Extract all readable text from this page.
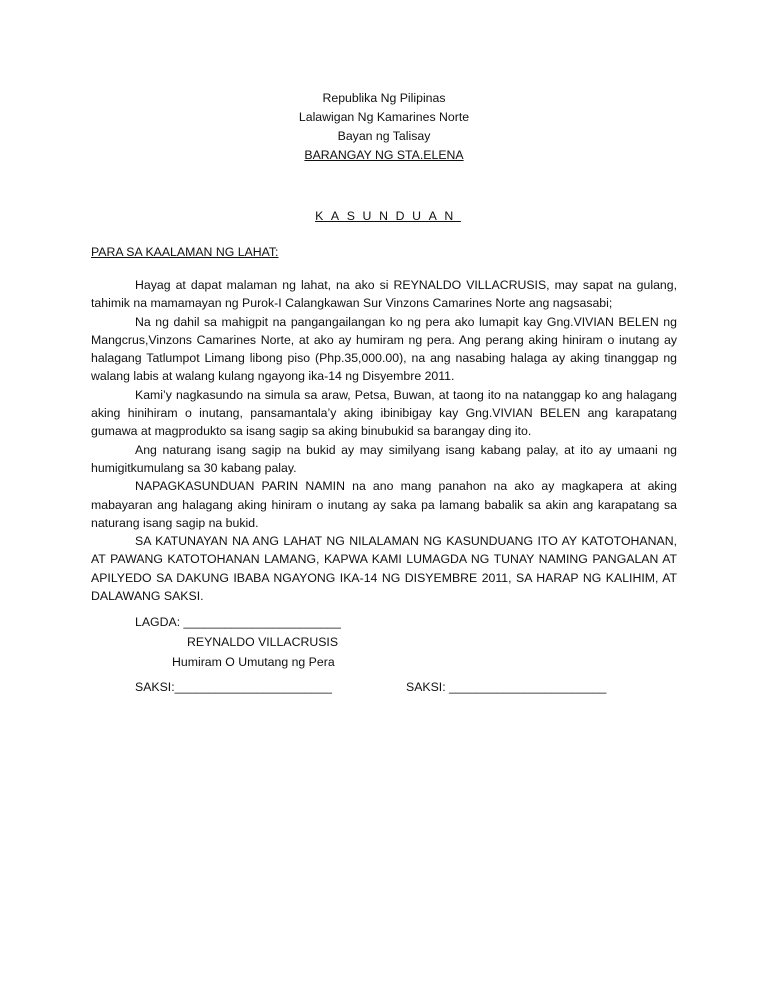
Republika Ng Pilipinas
Lalawigan Ng Kamarines Norte
Bayan ng Talisay
BARANGAY NG STA.ELENA
KASUNDUAN
PARA SA KAALAMAN NG LAHAT:

Hayag at dapat malaman ng lahat, na ako si REYNALDO VILLACRUSIS, may sapat na gulang, tahimik na mamamayan ng Purok-I Calangkawan Sur Vinzons Camarines Norte ang nagsasabi;

Na ng dahil sa mahigpit na pangangailangan ko ng pera ako lumapit kay Gng.VIVIAN BELEN ng Mangcrus,Vinzons Camarines Norte, at ako ay humiram ng pera. Ang perang aking hiniram o inutang ay halagang Tatlumpot Limang libong piso (Php.35,000.00), na ang nasabing halaga ay aking tinanggap ng walang labis at walang kulang ngayong ika-14 ng Disyembre 2011.

Kami’y nagkasundo na simula sa araw, Petsa, Buwan, at taong ito na natanggap ko ang halagang aking hinihiram o inutang, pansamantala’y aking ibinibigay kay Gng.VIVIAN BELEN ang karapatang gumawa at magprodukto sa isang sagip sa aking binubukid sa barangay ding ito.

Ang naturang isang sagip na bukid ay may similyang isang kabang palay, at ito ay umaani ng humigitkumulang sa 30 kabang palay.

NAPAGKASUNDUAN PARIN NAMIN na ano mang panahon na ako ay magkapera at aking mabayaran ang halagang aking hiniram o inutang ay saka pa lamang babalik sa akin ang karapatang sa naturang isang sagip na bukid.

SA KATUNAYAN NA ANG LAHAT NG NILALAMAN NG KASUNDUANG ITO AY KATOTOHANAN, AT PAWANG KATOTOHANAN LAMANG, KAPWA KAMI LUMAGDA NG TUNAY NAMING PANGALAN AT APILYEDO SA DAKUNG IBABA NGAYONG IKA-14 NG DISYEMBRE 2011, SA HARAP NG KALIHIM, AT DALAWANG SAKSI.

LAGDA: _______________________
REYNALDO VILLACRUSIS
Humiram O Umutang ng Pera
SAKSI:_______________________	SAKSI: _______________________
